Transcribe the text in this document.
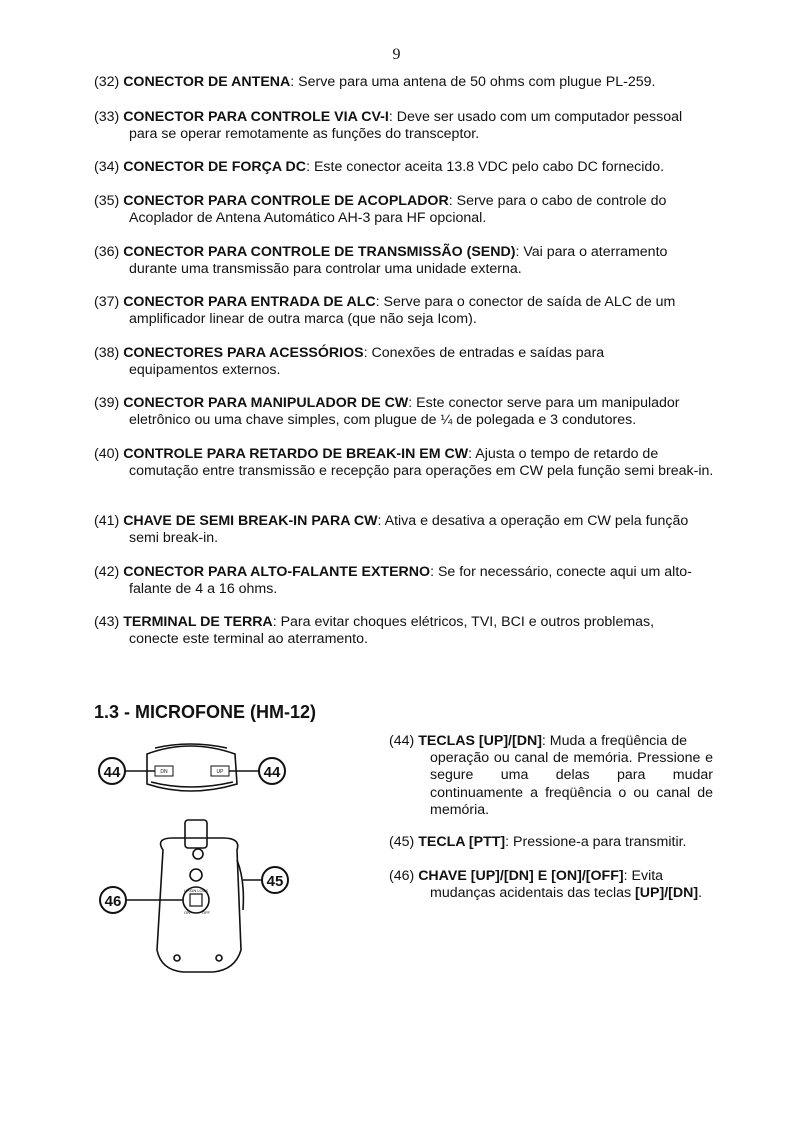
9
(32) CONECTOR DE ANTENA: Serve para uma antena de 50 ohms com plugue PL-259.
(33) CONECTOR PARA CONTROLE VIA CV-I: Deve ser usado com um computador pessoal
para se operar remotamente as funções do transceptor.
(34) CONECTOR DE FORÇA DC: Este conector aceita 13.8 VDC pelo cabo DC fornecido.
(35) CONECTOR PARA CONTROLE DE ACOPLADOR: Serve para o cabo de controle do
Acoplador de Antena Automático AH-3 para HF opcional.
(36) CONECTOR PARA CONTROLE DE TRANSMISSÃO (SEND): Vai para o aterramento
durante uma transmissão para controlar uma unidade externa.
(37) CONECTOR PARA ENTRADA DE ALC: Serve para o conector de saída de ALC de um
amplificador linear de outra marca (que não seja Icom).
(38) CONECTORES PARA ACESSÓRIOS: Conexões de entradas e saídas para
equipamentos externos.
(39) CONECTOR PARA MANIPULADOR DE CW: Este conector serve para um manipulador
eletrônico ou uma chave simples, com plugue de ¼ de polegada e 3 condutores.
(40) CONTROLE PARA RETARDO DE BREAK-IN EM CW: Ajusta o tempo de retardo de
comutação entre transmissão e recepção para operações em CW pela função semi break-in.
(41) CHAVE DE SEMI BREAK-IN PARA CW: Ativa e desativa a operação em CW pela função
semi break-in.
(42) CONECTOR PARA ALTO-FALANTE EXTERNO: Se for necessário, conecte aqui um alto-
falante de 4 a 16 ohms.
(43) TERMINAL DE TERRA: Para evitar choques elétricos, TVI, BCI e outros problemas,
conecte este terminal ao aterramento.
1.3 - MICROFONE (HM-12)
44	44
45
46
DN	UP
UP/DN LOCK
ON	OFF
(44) TECLAS [UP]/[DN]: Muda a freqüência de
operação ou canal de memória. Pressione e segure uma delas para mudar continuamente a freqüência o ou canal de memória.
(45) TECLA [PTT]: Pressione-a para transmitir.
(46) CHAVE [UP]/[DN] E [ON]/[OFF]: Evita
mudanças acidentais das teclas [UP]/[DN].
